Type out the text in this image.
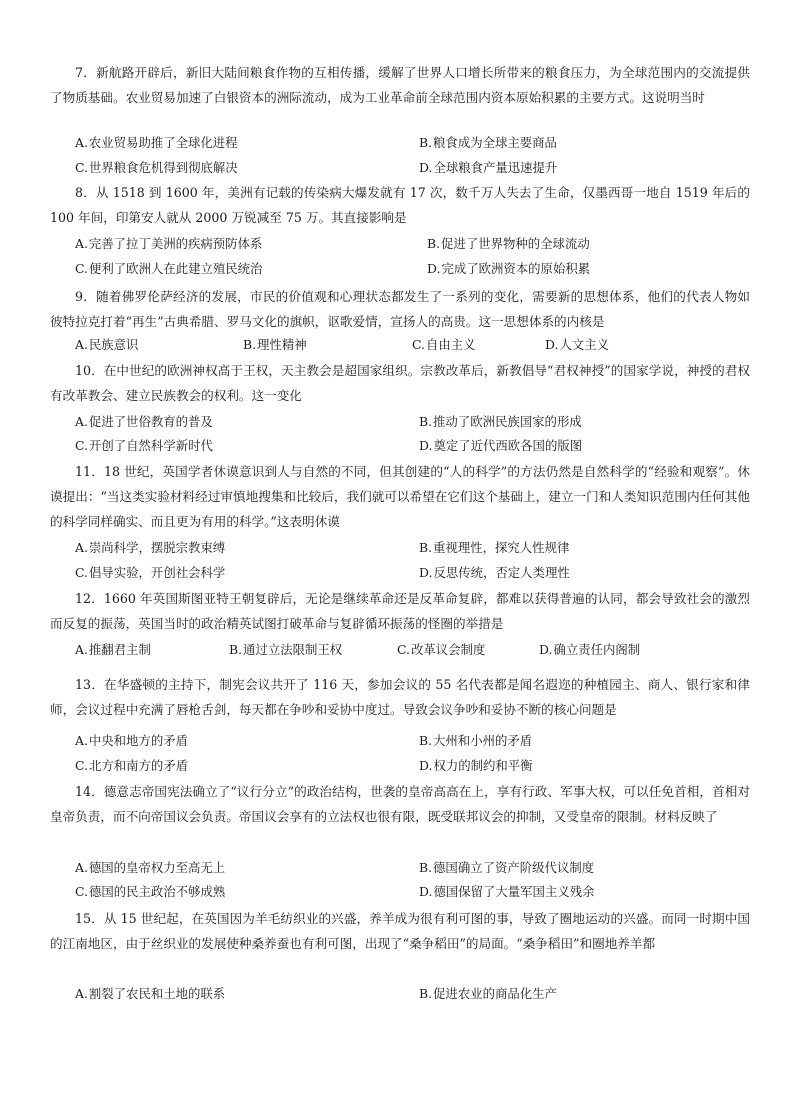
7．新航路开辟后，新旧大陆间粮食作物的互相传播，缓解了世界人口增长所带来的粮食压力，为全球范围内的交流提供了物质基础。农业贸易加速了白银资本的洲际流动，成为工业革命前全球范围内资本原始积累的主要方式。这说明当时

A.农业贸易助推了全球化进程	B.粮食成为全球主要商品
C.世界粮食危机得到彻底解决	D.全球粮食产量迅速提升

8．从 1518 到 1600 年，美洲有记载的传染病大爆发就有 17 次，数千万人失去了生命，仅墨西哥一地自 1519 年后的 100 年间，印第安人就从 2000 万锐减至 75 万。其直接影响是

A.完善了拉丁美洲的疾病预防体系	B.促进了世界物种的全球流动
C.便利了欧洲人在此建立殖民统治	D.完成了欧洲资本的原始积累

9．随着佛罗伦萨经济的发展，市民的价值观和心理状态都发生了一系列的变化，需要新的思想体系，他们的代表人物如彼特拉克打着“再生”古典希腊、罗马文化的旗帜，讴歌爱情，宣扬人的高贵。这一思想体系的内核是

A.民族意识	B.理性精神	C.自由主义	D.人文主义

10．在中世纪的欧洲神权高于王权，天主教会是超国家组织。宗教改革后，新教倡导“君权神授”的国家学说，神授的君权有改革教会、建立民族教会的权利。这一变化

A.促进了世俗教育的普及	B.推动了欧洲民族国家的形成
C.开创了自然科学新时代	D.奠定了近代西欧各国的版图

11．18 世纪，英国学者休谟意识到人与自然的不同，但其创建的“人的科学”的方法仍然是自然科学的“经验和观察”。休谟提出：“当这类实验材料经过审慎地搜集和比较后，我们就可以希望在它们这个基础上，建立一门和人类知识范围内任何其他的科学同样确实、而且更为有用的科学。”这表明休谟

A.崇尚科学，摆脱宗教束缚	B.重视理性，探究人性规律
C.倡导实验，开创社会科学	D.反思传统，否定人类理性

12．1660 年英国斯图亚特王朝复辟后，无论是继续革命还是反革命复辟，都难以获得普遍的认同，都会导致社会的激烈而反复的振荡，英国当时的政治精英试图打破革命与复辟循环振荡的怪圈的举措是

A.推翻君主制	B.通过立法限制王权	C.改革议会制度	D.确立责任内阁制

13．在华盛顿的主持下，制宪会议共开了 116 天，参加会议的 55 名代表都是闻名遐迩的种植园主、商人、银行家和律师，会议过程中充满了唇枪舌剑，每天都在争吵和妥协中度过。导致会议争吵和妥协不断的核心问题是

A.中央和地方的矛盾	B.大州和小州的矛盾
C.北方和南方的矛盾	D.权力的制约和平衡

14．德意志帝国宪法确立了“议行分立”的政治结构，世袭的皇帝高高在上，享有行政、军事大权，可以任免首相，首相对皇帝负责，而不向帝国议会负责。帝国议会享有的立法权也很有限，既受联邦议会的抑制，又受皇帝的限制。材料反映了

A.德国的皇帝权力至高无上	B.德国确立了资产阶级代议制度
C.德国的民主政治不够成熟	D.德国保留了大量军国主义残余

15．从 15 世纪起，在英国因为羊毛纺织业的兴盛，养羊成为很有利可图的事，导致了圈地运动的兴盛。而同一时期中国的江南地区，由于丝织业的发展使种桑养蚕也有利可图，出现了“桑争稻田”的局面。“桑争稻田”和圈地养羊都

A.割裂了农民和土地的联系	B.促进农业的商品化生产
